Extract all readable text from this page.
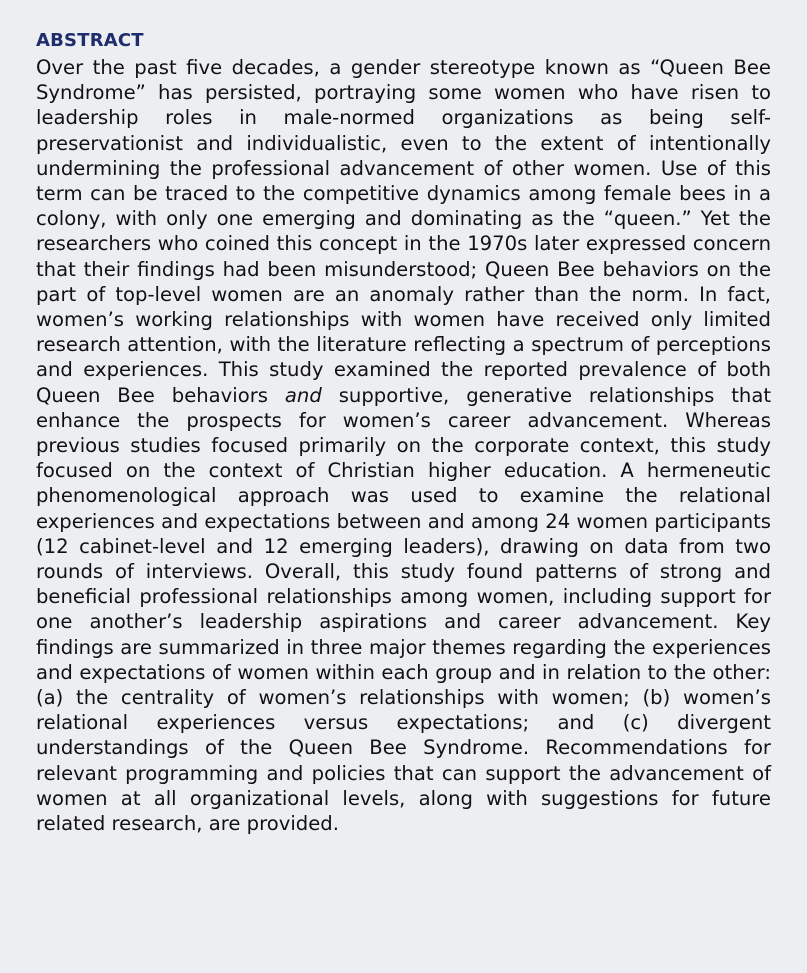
ABSTRACT

Over the past five decades, a gender stereotype known as “Queen Bee Syndrome” has persisted, portraying some women who have risen to leadership roles in male-normed organizations as being self-preservationist and individualistic, even to the extent of intentionally undermining the professional advancement of other women. Use of this term can be traced to the competitive dynamics among female bees in a colony, with only one emerging and dominating as the “queen.” Yet the researchers who coined this concept in the 1970s later expressed concern that their findings had been misunderstood; Queen Bee behaviors on the part of top-level women are an anomaly rather than the norm. In fact, women’s working relationships with women have received only limited research attention, with the literature reflecting a spectrum of perceptions and experiences. This study examined the reported prevalence of both Queen Bee behaviors and supportive, generative relationships that enhance the prospects for women’s career advancement. Whereas previous studies focused primarily on the corporate context, this study focused on the context of Christian higher education. A hermeneutic phenomenological approach was used to examine the relational experiences and expectations between and among 24 women participants (12 cabinet-level and 12 emerging leaders), drawing on data from two rounds of interviews. Overall, this study found patterns of strong and beneficial professional relationships among women, including support for one another’s leadership aspirations and career advancement. Key findings are summarized in three major themes regarding the experiences and expectations of women within each group and in relation to the other: (a) the centrality of women’s relationships with women; (b) women’s relational experiences versus expectations; and (c) divergent understandings of the Queen Bee Syndrome. Recommendations for relevant programming and policies that can support the advancement of women at all organizational levels, along with suggestions for future related research, are provided.
